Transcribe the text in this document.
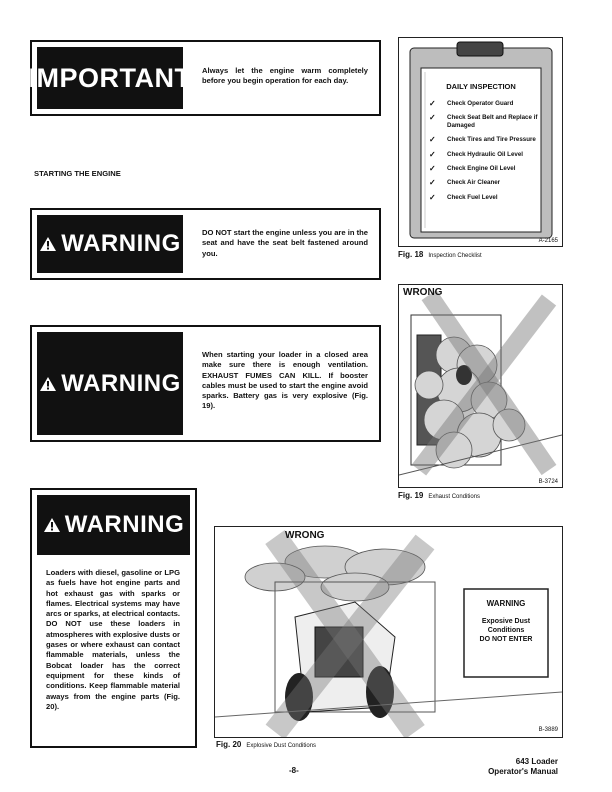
IMPORTANT Always let the engine warm completely before you begin operation for each day.
STARTING THE ENGINE
WARNING	DO NOT start the engine unless you are in the seat and have the seat belt fastened around you.
WARNING
When starting your loader in a closed area make sure there is enough ventilation. EXHAUST FUMES CAN KILL. If booster cables must be used to start the engine avoid sparks. Battery gas is very explosive (Fig. 19).
WARNING
Loaders with diesel, gasoline or LPG as fuels have hot engine parts and hot exhaust gas with sparks or flames. Electrical systems may have arcs or sparks, at electrical contacts. DO NOT use these loaders in atmospheres with explosive dusts or gases or where exhaust can contact flammable materials, unless the Bobcat loader has the correct equipment for these kinds of conditions. Keep flammable material aways from the engine parts (Fig. 20).
DAILY INSPECTION
✓	Check Operator Guard
✓	Check Seat Belt and Replace if Damaged
✓	Check Tires and Tire Pressure
✓	Check Hydraulic Oil Level
✓	Check Engine Oil Level
✓	Check Air Cleaner
✓	Check Fuel Level
A-2165
Fig. 18 Inspection Checklist
WRONG
B-3724
Fig. 19 Exhaust Conditions
WRONG
WARNING
Exposive Dust
Conditions
DO NOT ENTER
B-3889
Fig. 20 Explosive Dust Conditions
-8-
643 Loader
Operator's Manual
